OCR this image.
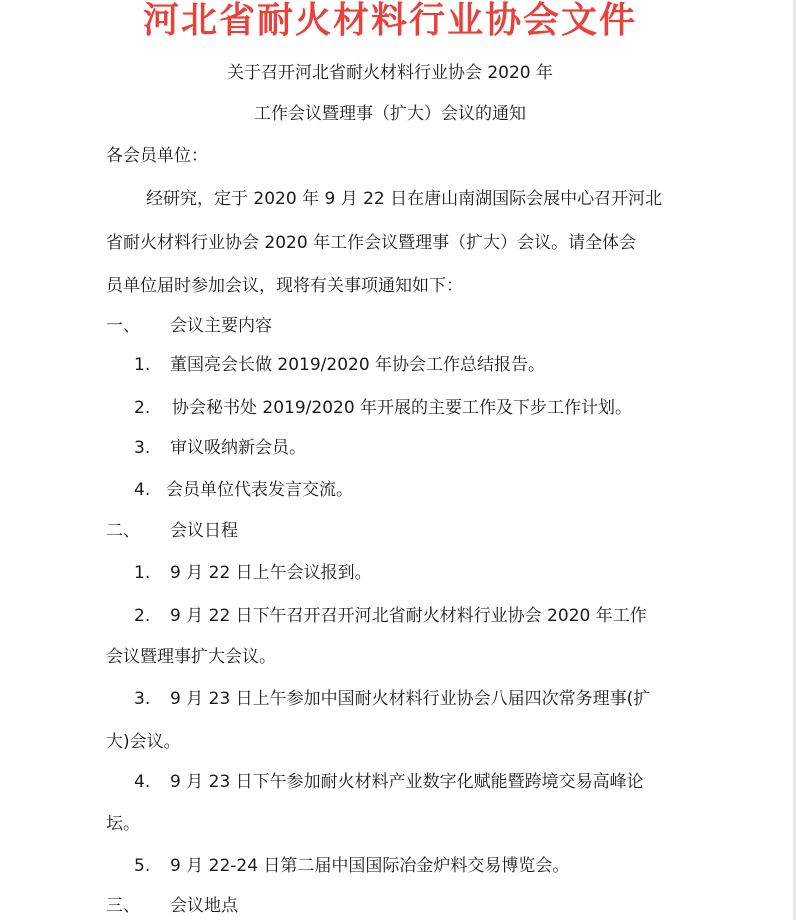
河北省耐火材料行业协会文件
关于召开河北省耐火材料行业协会 2020 年
工作会议暨理事（扩大）会议的通知
各会员单位：
经研究，定于 2020 年 9 月 22 日在唐山南湖国际会展中心召开河北
省耐火材料行业协会 2020 年工作会议暨理事（扩大）会议。请全体会
员单位届时参加会议，现将有关事项通知如下：
一、 会议主要内容
1. 董国亮会长做 2019/2020 年协会工作总结报告。
2. 协会秘书处 2019/2020 年开展的主要工作及下步工作计划。
3. 审议吸纳新会员。
4. 会员单位代表发言交流。
二、 会议日程
1. 9 月 22 日上午会议报到。
2. 9 月 22 日下午召开召开河北省耐火材料行业协会 2020 年工作
会议暨理事扩大会议。
3. 9 月 23 日上午参加中国耐火材料行业协会八届四次常务理事(扩
大)会议。
4. 9 月 23 日下午参加耐火材料产业数字化赋能暨跨境交易高峰论
坛。
5. 9 月 22-24 日第二届中国国际冶金炉料交易博览会。
三、 会议地点
